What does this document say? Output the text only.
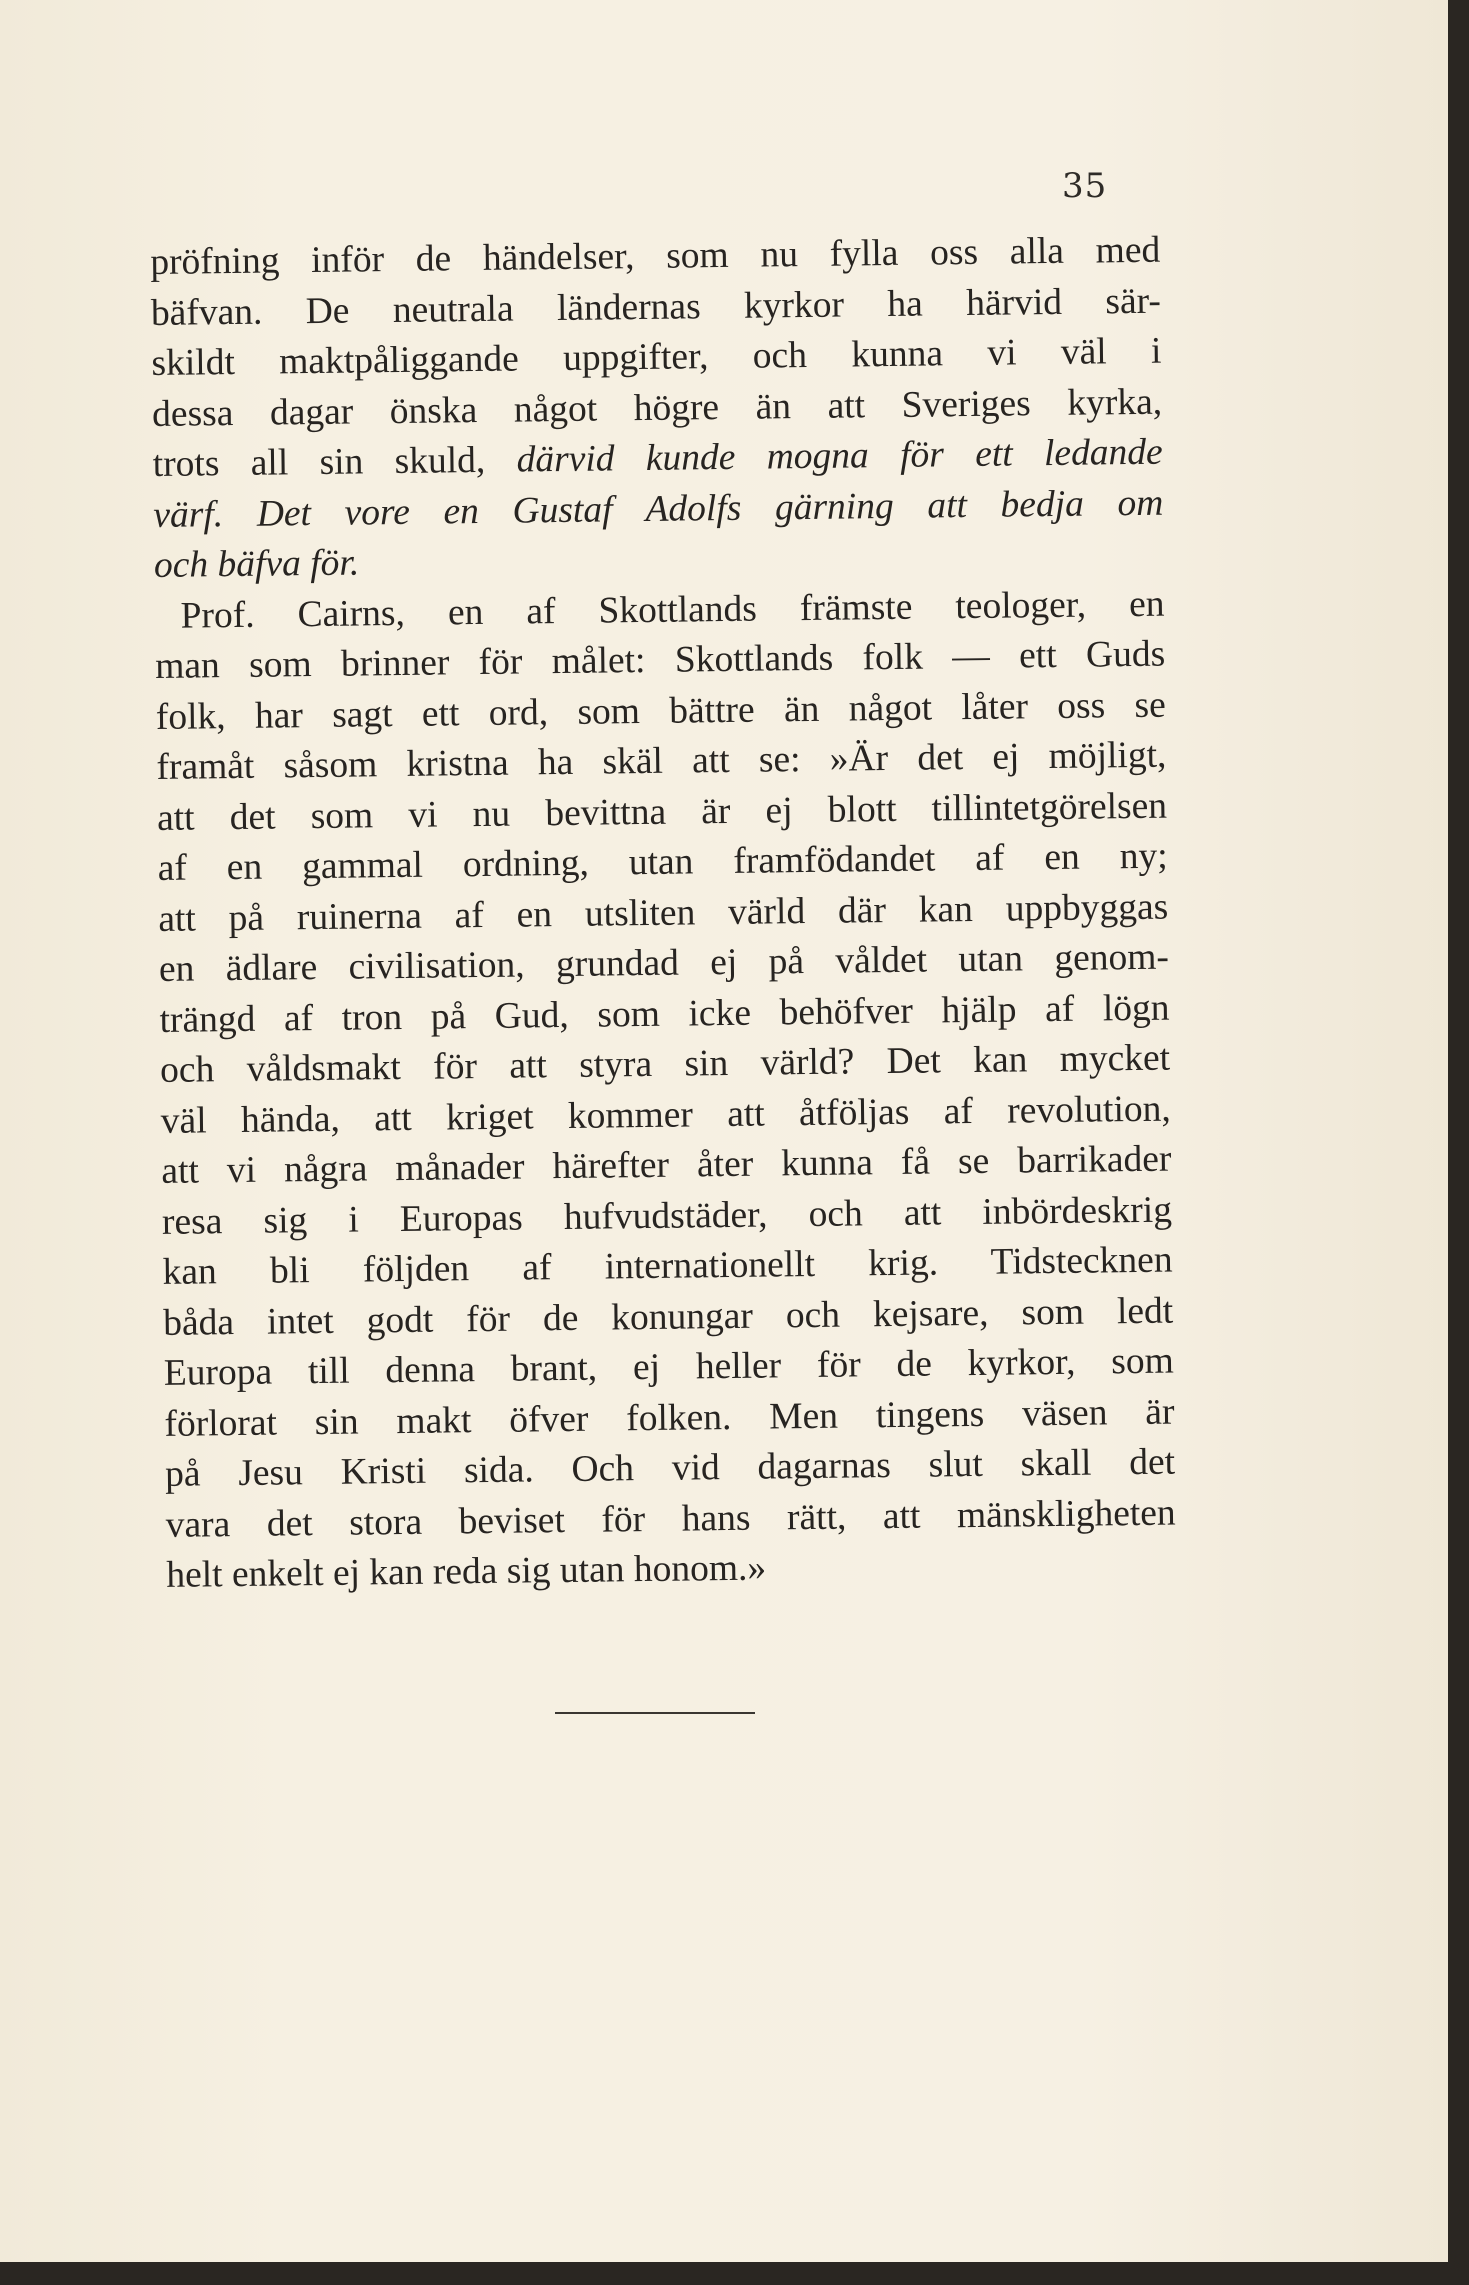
35
pröfning inför de händelser, som nu fylla oss alla med
bäfvan. De neutrala ländernas kyrkor ha härvid sär-
skildt maktpåliggande uppgifter, och kunna vi väl i
dessa dagar önska något högre än att Sveriges kyrka,
trots all sin skuld, därvid kunde mogna för ett ledande
värf. Det vore en Gustaf Adolfs gärning att bedja om
och bäfva för.
Prof. Cairns, en af Skottlands främste teologer, en
man som brinner för målet: Skottlands folk — ett Guds
folk, har sagt ett ord, som bättre än något låter oss se
framåt såsom kristna ha skäl att se: »Är det ej möjligt,
att det som vi nu bevittna är ej blott tillintetgörelsen
af en gammal ordning, utan framfödandet af en ny;
att på ruinerna af en utsliten värld där kan uppbyggas
en ädlare civilisation, grundad ej på våldet utan genom-
trängd af tron på Gud, som icke behöfver hjälp af lögn
och våldsmakt för att styra sin värld? Det kan mycket
väl hända, att kriget kommer att åtföljas af revolution,
att vi några månader härefter åter kunna få se barrikader
resa sig i Europas hufvudstäder, och att inbördeskrig
kan bli följden af internationellt krig. Tidstecknen
båda intet godt för de konungar och kejsare, som ledt
Europa till denna brant, ej heller för de kyrkor, som
förlorat sin makt öfver folken. Men tingens väsen är
på Jesu Kristi sida. Och vid dagarnas slut skall det
vara det stora beviset för hans rätt, att mänskligheten
helt enkelt ej kan reda sig utan honom.»
